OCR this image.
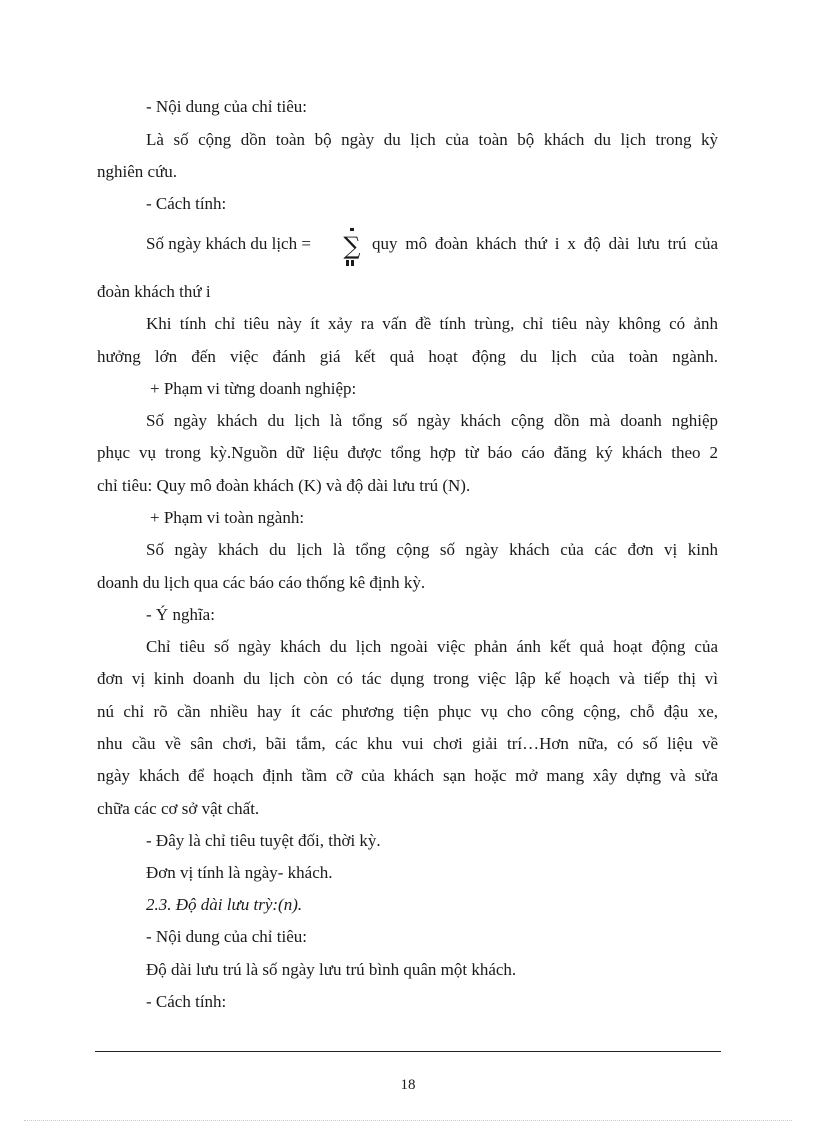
- Nội dung của chỉ tiêu:
Là số cộng dồn toàn bộ ngày du lịch của toàn bộ khách du lịch trong kỳ
nghiên cứu.
- Cách tính:
Số ngày khách du lịch = ∑ quy mô đoàn khách thứ i x độ dài lưu trú của
đoàn khách thứ i
Khi tính chỉ tiêu này ít xảy ra vấn đề tính trùng, chỉ tiêu này không có ảnh
hưởng lớn đến việc đánh giá kết quả hoạt động du lịch của toàn ngành.
+ Phạm vi từng doanh nghiệp:
Số ngày khách du lịch là tổng số ngày khách cộng dồn mà doanh nghiệp
phục vụ trong kỳ.Nguồn dữ liệu được tổng hợp từ báo cáo đăng ký khách theo 2
chỉ tiêu: Quy mô đoàn khách (K) và độ dài lưu trú (N).
+ Phạm vi toàn ngành:
Số ngày khách du lịch là tổng cộng số ngày khách của các đơn vị kinh
doanh du lịch qua các báo cáo thống kê định kỳ.
- Ý nghĩa:
Chỉ tiêu số ngày khách du lịch ngoài việc phản ánh kết quả hoạt động của
đơn vị kinh doanh du lịch còn có tác dụng trong việc lập kế hoạch và tiếp thị vì
nú chỉ rõ cần nhiều hay ít các phương tiện phục vụ cho công cộng, chỗ đậu xe,
nhu cầu về sân chơi, bãi tắm, các khu vui chơi giải trí…Hơn nữa, có số liệu về
ngày khách để hoạch định tầm cỡ của khách sạn hoặc mở mang xây dựng và sửa
chữa các cơ sở vật chất.
- Đây là chỉ tiêu tuyệt đối, thời kỳ.
Đơn vị tính là ngày- khách.
2.3. Độ dài lưu trỳ:(n).
- Nội dung của chỉ tiêu:
Độ dài lưu trú là số ngày lưu trú bình quân một khách.
- Cách tính:
18
